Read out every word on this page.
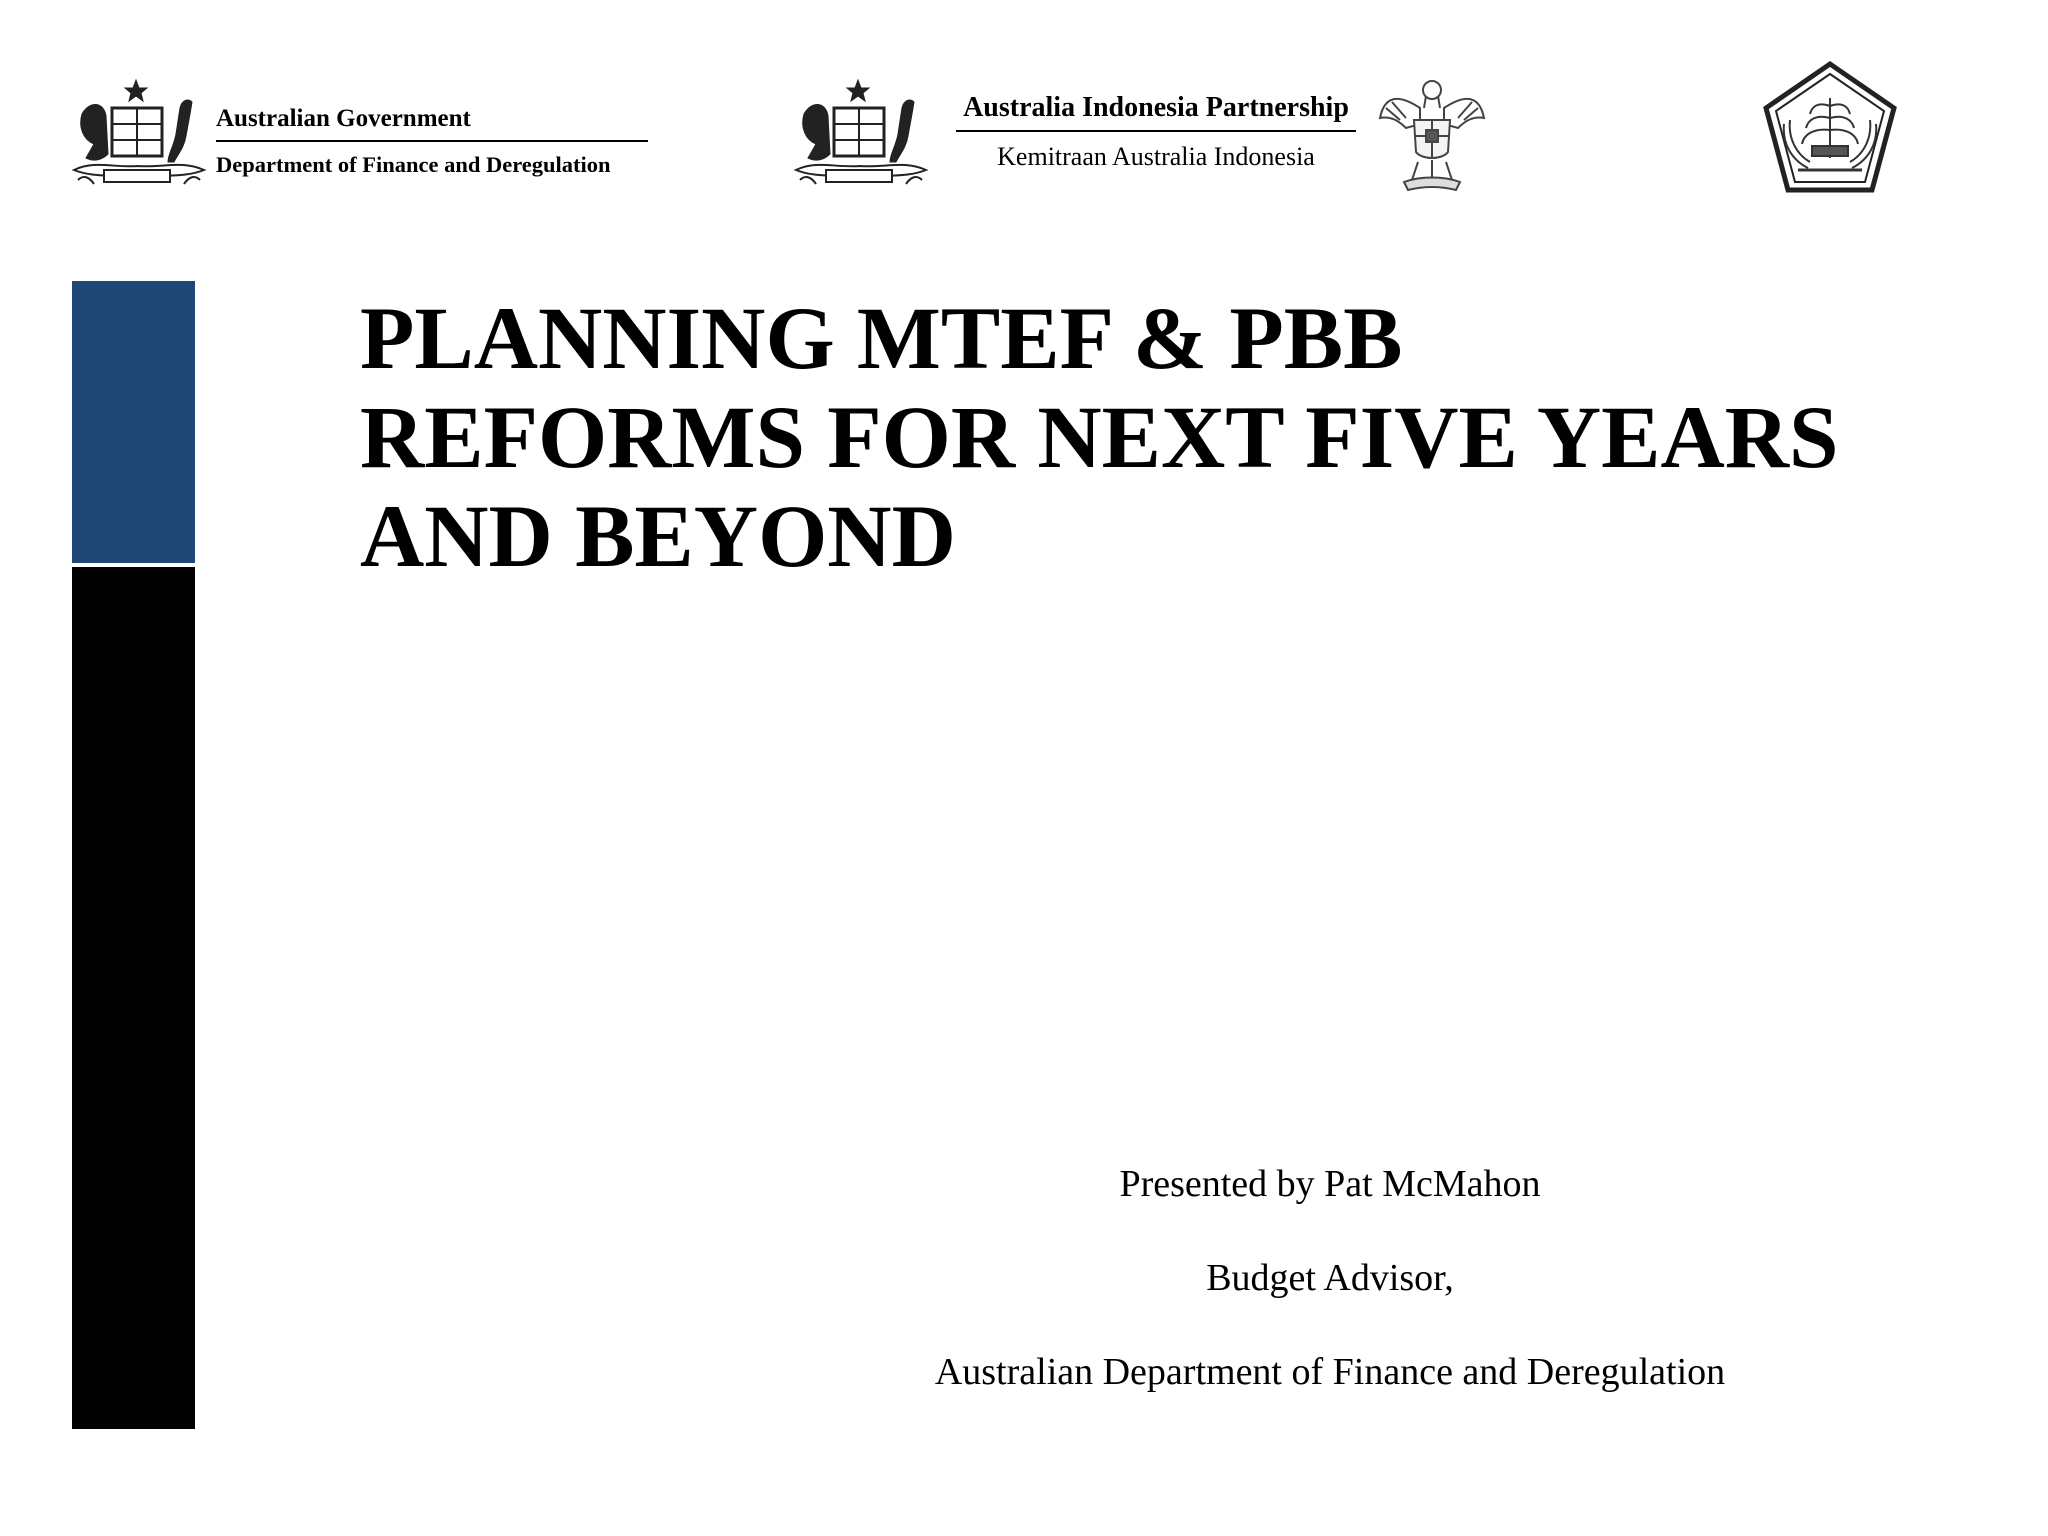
Australian Government
Department of Finance and Deregulation
Australia Indonesia Partnership
Kemitraan Australia Indonesia
PLANNING MTEF & PBB
REFORMS FOR NEXT FIVE YEARS
AND BEYOND
Presented by Pat McMahon
Budget Advisor,
Australian Department of Finance and Deregulation
